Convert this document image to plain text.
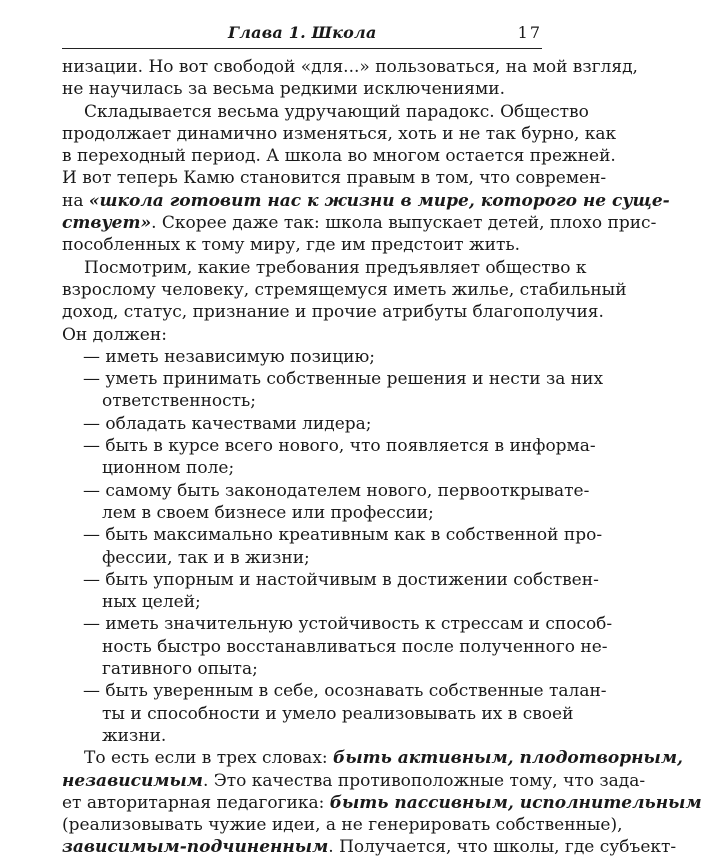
Глава 1. Школа	17
низации. Но вот свободой «для...» пользоваться, на мой взгляд,
не научилась за весьма редкими исключениями.
Складывается весьма удручающий парадокс. Общество
продолжает динамично изменяться, хоть и не так бурно, как
в переходный период. А школа во многом остается прежней.
И вот теперь Камю становится правым в том, что современ-
на «школа готовит нас к жизни в мире, которого не суще-
ствует». Скорее даже так: школа выпускает детей, плохо прис-
пособленных к тому миру, где им предстоит жить.
Посмотрим, какие требования предъявляет общество к
взрослому человеку, стремящемуся иметь жилье, стабильный
доход, статус, признание и прочие атрибуты благополучия.
Он должен:
— иметь независимую позицию;
— уметь принимать собственные решения и нести за них
ответственность;
— обладать качествами лидера;
— быть в курсе всего нового, что появляется в информа-
ционном поле;
— самому быть законодателем нового, первооткрывате-
лем в своем бизнесе или профессии;
— быть максимально креативным как в собственной про-
фессии, так и в жизни;
— быть упорным и настойчивым в достижении собствен-
ных целей;
— иметь значительную устойчивость к стрессам и способ-
ность быстро восстанавливаться после полученного не-
гативного опыта;
— быть уверенным в себе, осознавать собственные талан-
ты и способности и умело реализовывать их в своей
жизни.
То есть если в трех словах: быть активным, плодотворным,
независимым. Это качества противоположные тому, что зада-
ет авторитарная педагогика: быть пассивным, исполнительным
(реализовывать чужие идеи, а не генерировать собственные),
зависимым-подчиненным. Получается, что школы, где субъект-
